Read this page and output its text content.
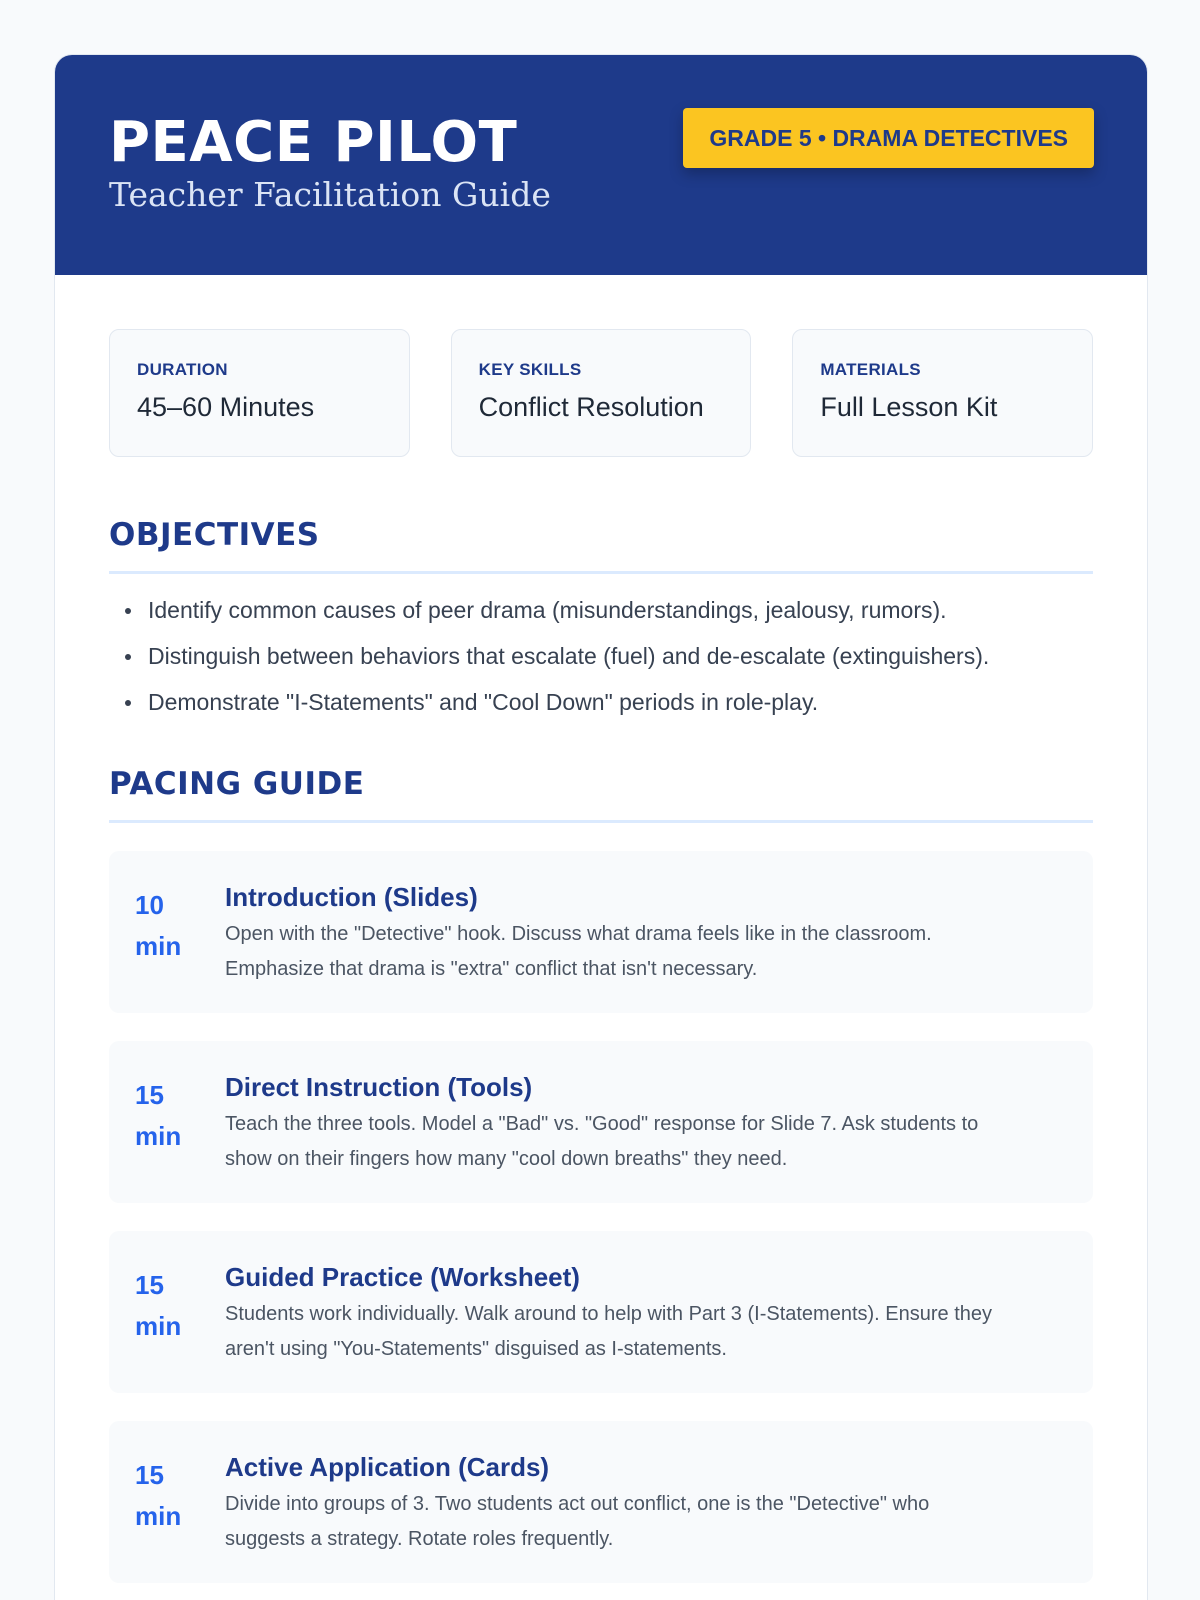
PEACE PILOT
Teacher Facilitation Guide
GRADE 5 • DRAMA DETECTIVES
DURATION
45–60 Minutes
KEY SKILLS
Conflict Resolution
MATERIALS
Full Lesson Kit
OBJECTIVES
Identify common causes of peer drama (misunderstandings, jealousy, rumors).
Distinguish between behaviors that escalate (fuel) and de-escalate (extinguishers).
Demonstrate "I-Statements" and "Cool Down" periods in role-play.
PACING GUIDE
10
min
Introduction (Slides)
Open with the "Detective" hook. Discuss what drama feels like in the classroom.
Emphasize that drama is "extra" conflict that isn't necessary.
15
min
Direct Instruction (Tools)
Teach the three tools. Model a "Bad" vs. "Good" response for Slide 7. Ask students to
show on their fingers how many "cool down breaths" they need.
15
min
Guided Practice (Worksheet)
Students work individually. Walk around to help with Part 3 (I-Statements). Ensure they
aren't using "You-Statements" disguised as I-statements.
15
min
Active Application (Cards)
Divide into groups of 3. Two students act out conflict, one is the "Detective" who
suggests a strategy. Rotate roles frequently.
